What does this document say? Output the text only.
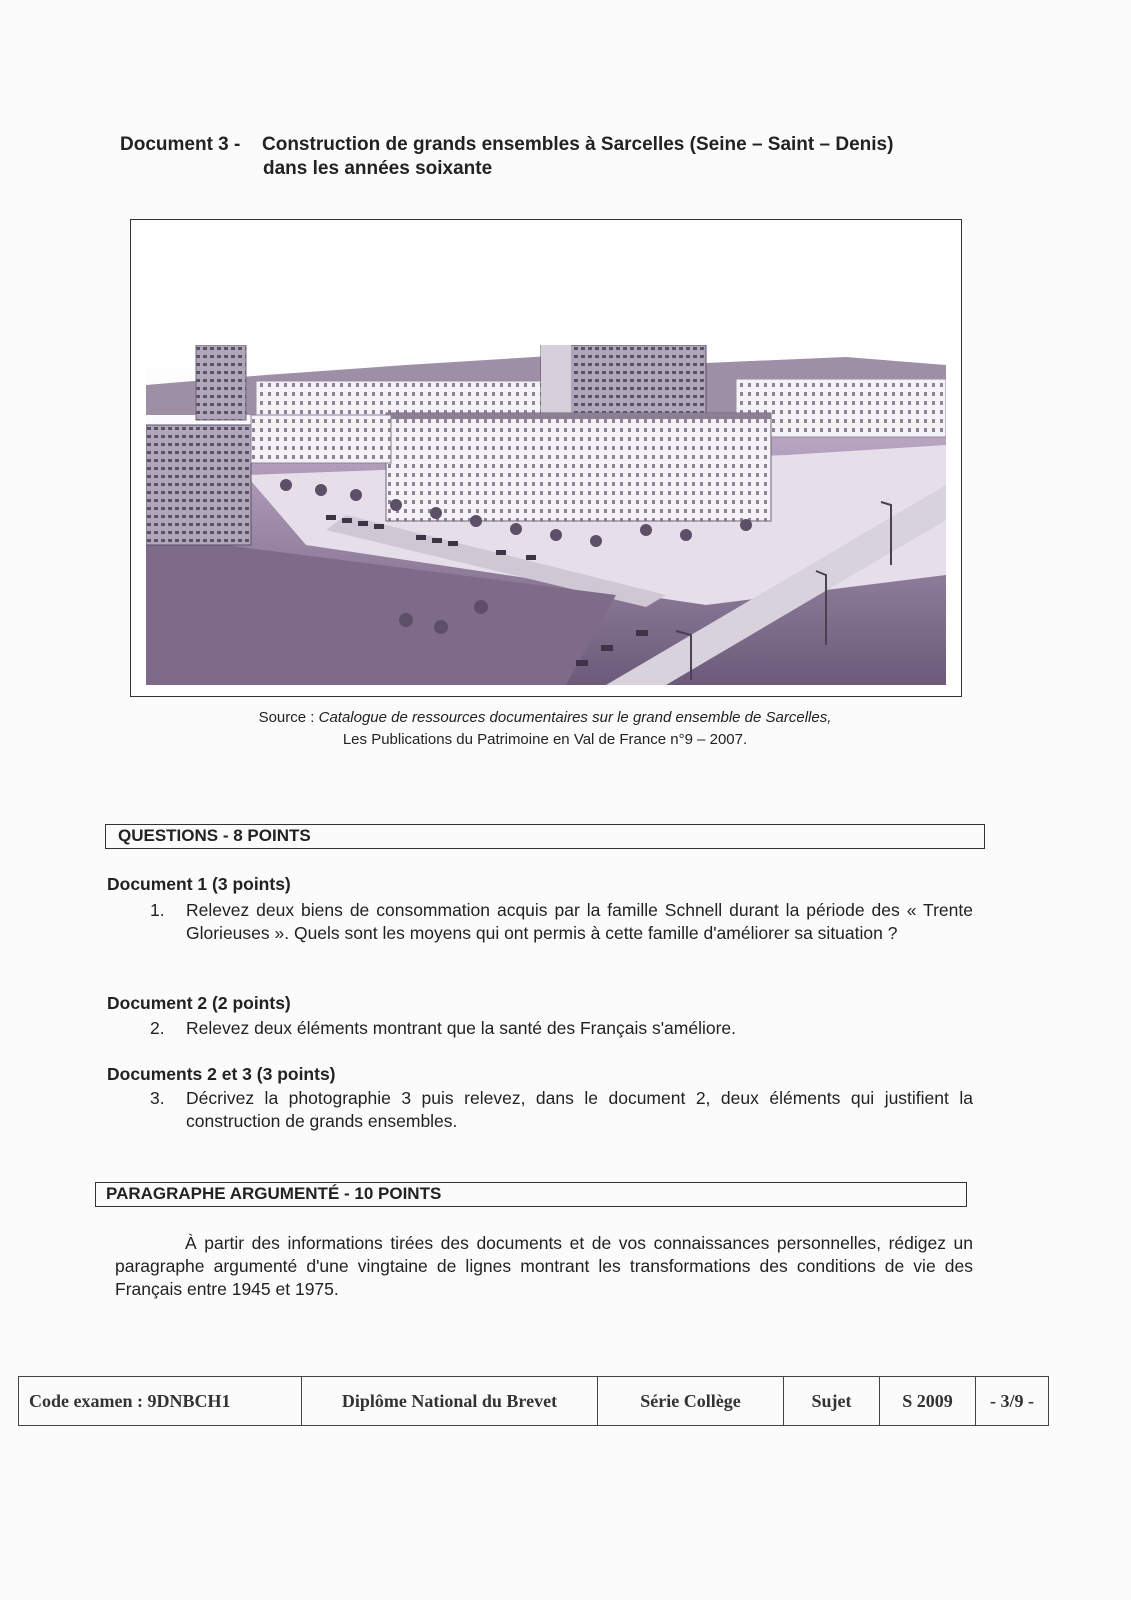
Document 3 - Construction de grands ensembles à Sarcelles (Seine – Saint – Denis)
dans les années soixante
Source : Catalogue de ressources documentaires sur le grand ensemble de Sarcelles,
Les Publications du Patrimoine en Val de France n°9 – 2007.
QUESTIONS - 8 POINTS
Document 1 (3 points)
1.	Relevez deux biens de consommation acquis par la famille Schnell durant la période des « Trente Glorieuses ». Quels sont les moyens qui ont permis à cette famille d'améliorer sa situation ?
Document 2 (2 points)
2.	Relevez deux éléments montrant que la santé des Français s'améliore.
Documents 2 et 3 (3 points)
3.	Décrivez la photographie 3 puis relevez, dans le document 2, deux éléments qui justifient la construction de grands ensembles.
PARAGRAPHE ARGUMENTÉ - 10 POINTS
À partir des informations tirées des documents et de vos connaissances personnelles, rédigez un paragraphe argumenté d'une vingtaine de lignes montrant les transformations des conditions de vie des Français entre 1945 et 1975.
Code examen : 9DNBCH1	Diplôme National du Brevet	Série Collège	Sujet	S 2009	- 3/9 -
